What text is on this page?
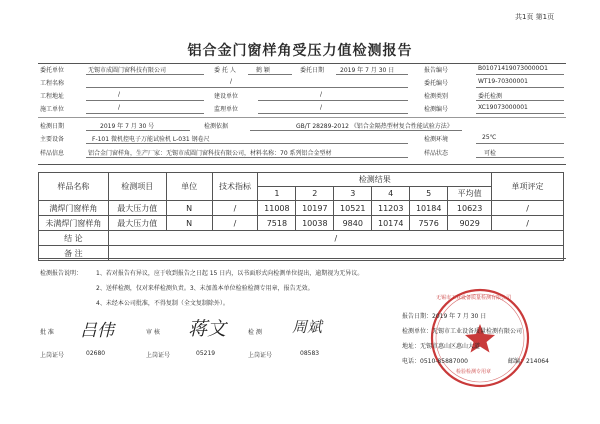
共1页 第1页
铝合金门窗样角受压力值检测报告
委托单位	无锡市成圆门窗科技有限公司	委 托 人	鹤 颖	委托日期	2019 年 7 月 30 日	报告编号	B010714190730000O1
工程名称	/	委托编号	WT19-70300001
工程地址	/	建设单位	/	检测类别	委托检测
施工单位	/	监理单位	/	检测编号	XC19073000001
检测日期	2019 年 7 月 30 号	检测依据	GB/T 28289-2012 《铝合金隔热型材复合性能试验方法》
检测环境	25℃
主要设备	F-101 微机控电子万能试验机 L-031 钢卷尺
样品状态	可检
样品信息	铝合金门窗样角，生产厂家：无锡市成圆门窗科技有限公司，材料名称：70 系列铝合金型材
样品名称	检测项目	单位	技术指标	检测结果						单项评定
				1	2	3	4	5	平均值	
满焊门窗样角	最大压力值	N	/	11008	10197	10521	11203	10184	10623	/
未满焊门窗样角	最大压力值	N	/	7518	10038	9840	10174	7576	9029	/
结 论	/									
备 注										
检测报告说明： 1、若对报告有异议，应于收到报告之日起 15 日内，以书面形式向检测单位提出，逾期视为无异议。
2、送样检测，仅对来样检测负责。3、未加盖本单位检验检测专用章，报告无效。
4、未经本公司批准，不得复制（全文复制除外）。
无锡市工业设备质量检测有限公司
检验检测专用章
报告日期：2019 年 7 月 30 日
检测单位：无锡市工业设备质量检测有限公司
地址：无锡市惠山区惠山大道
电话：0510-85887000	邮编：214064
批 准 吕伟	审 核 蒋文	检 测 周斌
上岗证号	02680	上岗证号	05219	上岗证号	08583
